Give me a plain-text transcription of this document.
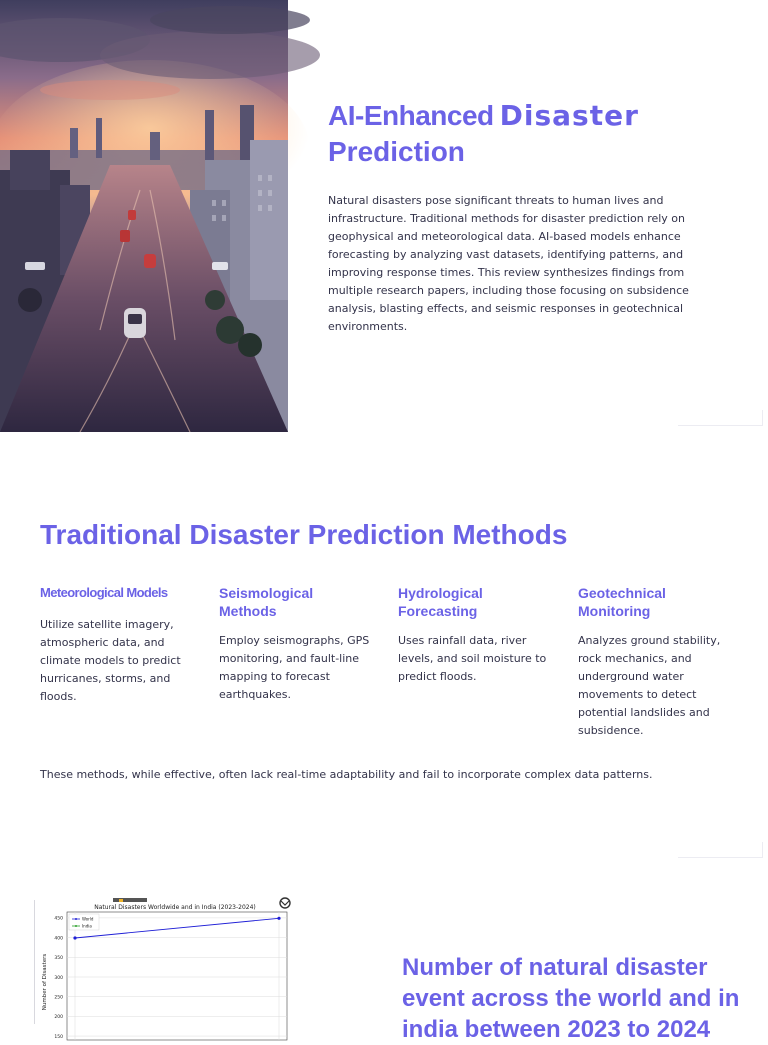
AI-Enhanced Disaster
Prediction

Natural disasters pose significant threats to human lives and infrastructure. Traditional methods for disaster prediction rely on geophysical and meteorological data. AI-based models enhance forecasting by analyzing vast datasets, identifying patterns, and improving response times. This review synthesizes findings from multiple research papers, including those focusing on subsidence analysis, blasting effects, and seismic responses in geotechnical environments.

Traditional Disaster Prediction Methods
Meteorological Models
Utilize satellite imagery, atmospheric data, and climate models to predict hurricanes, storms, and floods.
Seismological Methods
Employ seismographs, GPS monitoring, and fault-line mapping to forecast earthquakes.
Hydrological Forecasting
Uses rainfall data, river levels, and soil moisture to predict floods.
Geotechnical Monitoring
Analyzes ground stability, rock mechanics, and underground water movements to detect potential landslides and subsidence.

These methods, while effective, often lack real-time adaptability and fail to incorporate complex data patterns.

Natural Disasters Worldwide and in India (2023-2024)
Number of Disasters
150
200
250
300
350
400
450	World
India
Number of natural disaster event across the world and in india between 2023 to 2024
